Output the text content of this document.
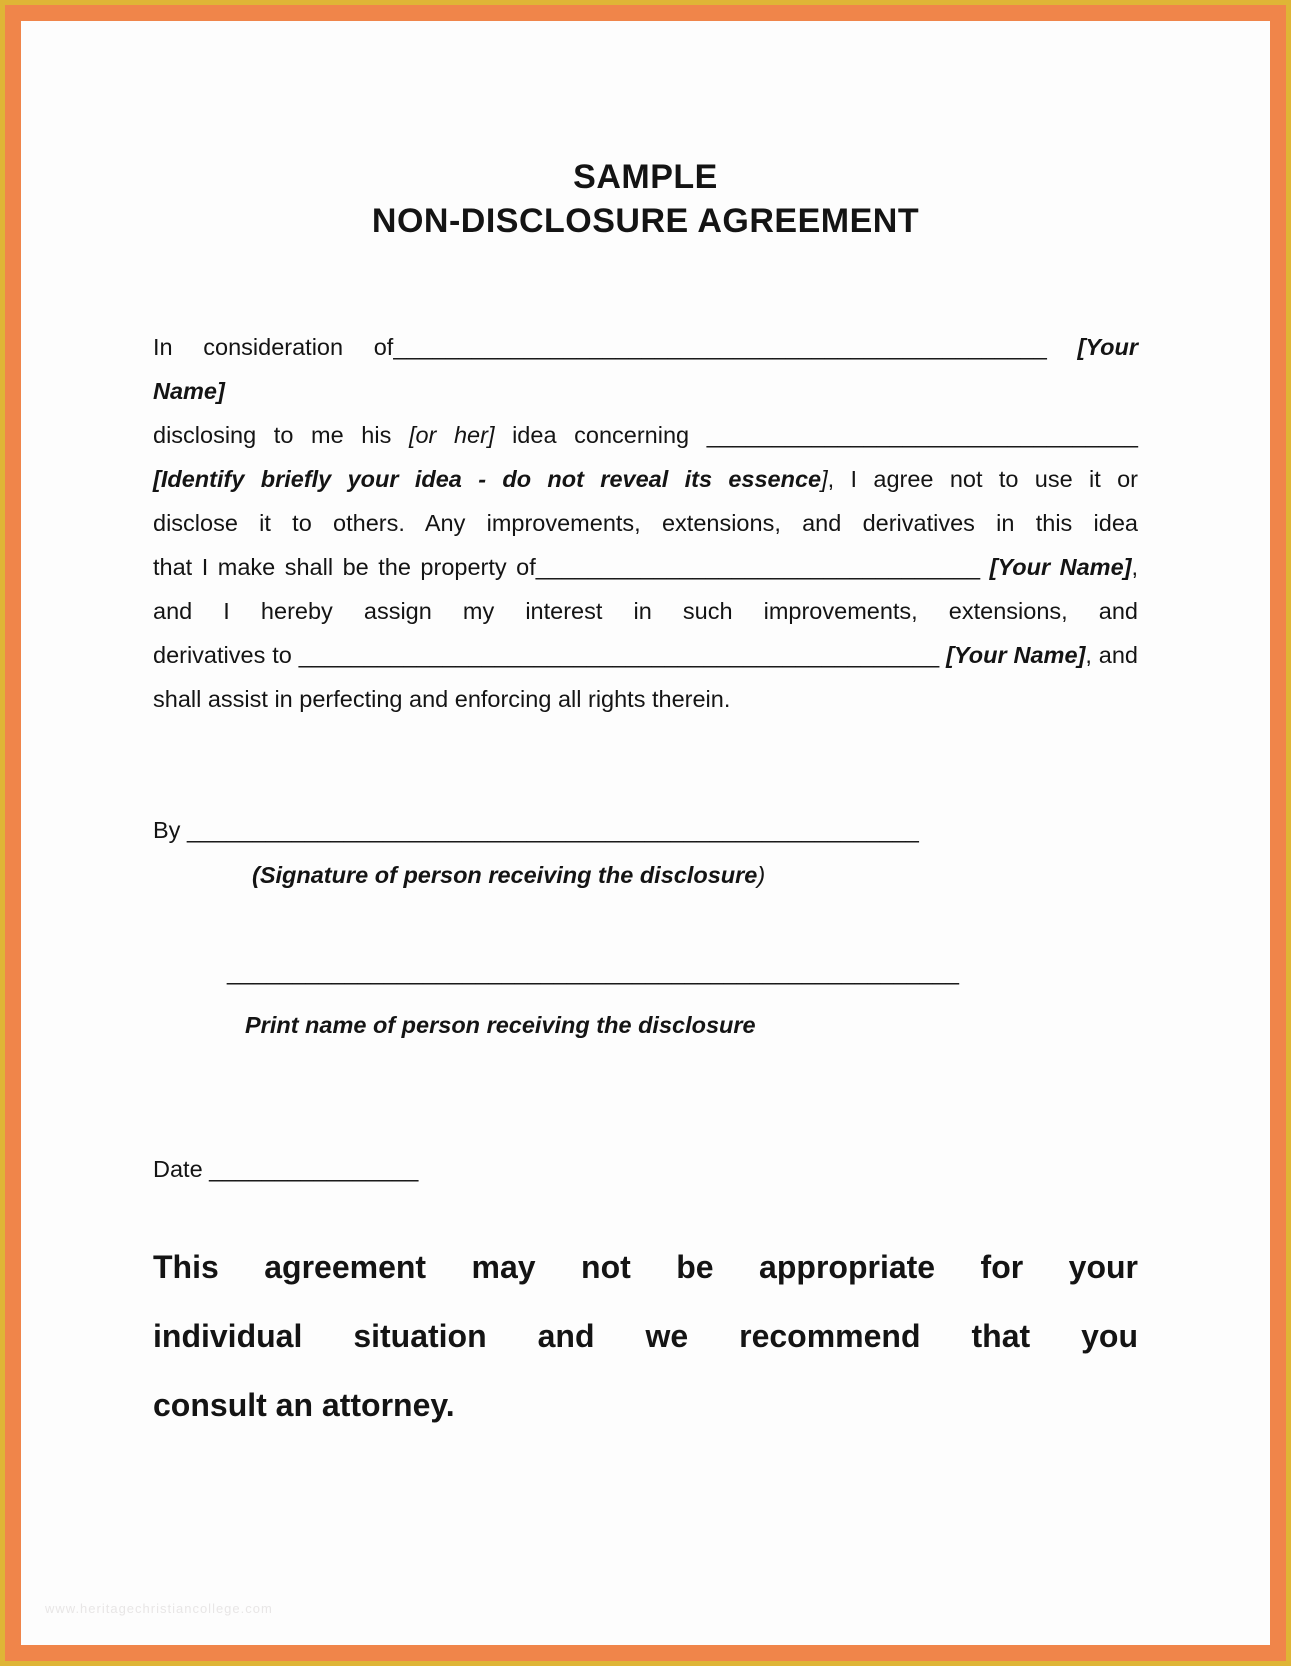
SAMPLE
NON-DISCLOSURE AGREEMENT
In consideration of__________________________________________________ [Your Name]
disclosing to me his [or her] idea concerning _________________________________
[Identify briefly your idea - do not reveal its essence], I agree not to use it or
disclose it to others. Any improvements, extensions, and derivatives in this idea
that I make shall be the property of__________________________________ [Your Name],
and I hereby assign my interest in such improvements, extensions, and
derivatives to _________________________________________________ [Your Name], and
shall assist in perfecting and enforcing all rights therein.
By ________________________________________________________
(Signature of person receiving the disclosure)
________________________________________________________
Print name of person receiving the disclosure
Date ________________
This agreement may not be appropriate for your
individual situation and we recommend that you
consult an attorney.
www.heritagechristiancollege.com
